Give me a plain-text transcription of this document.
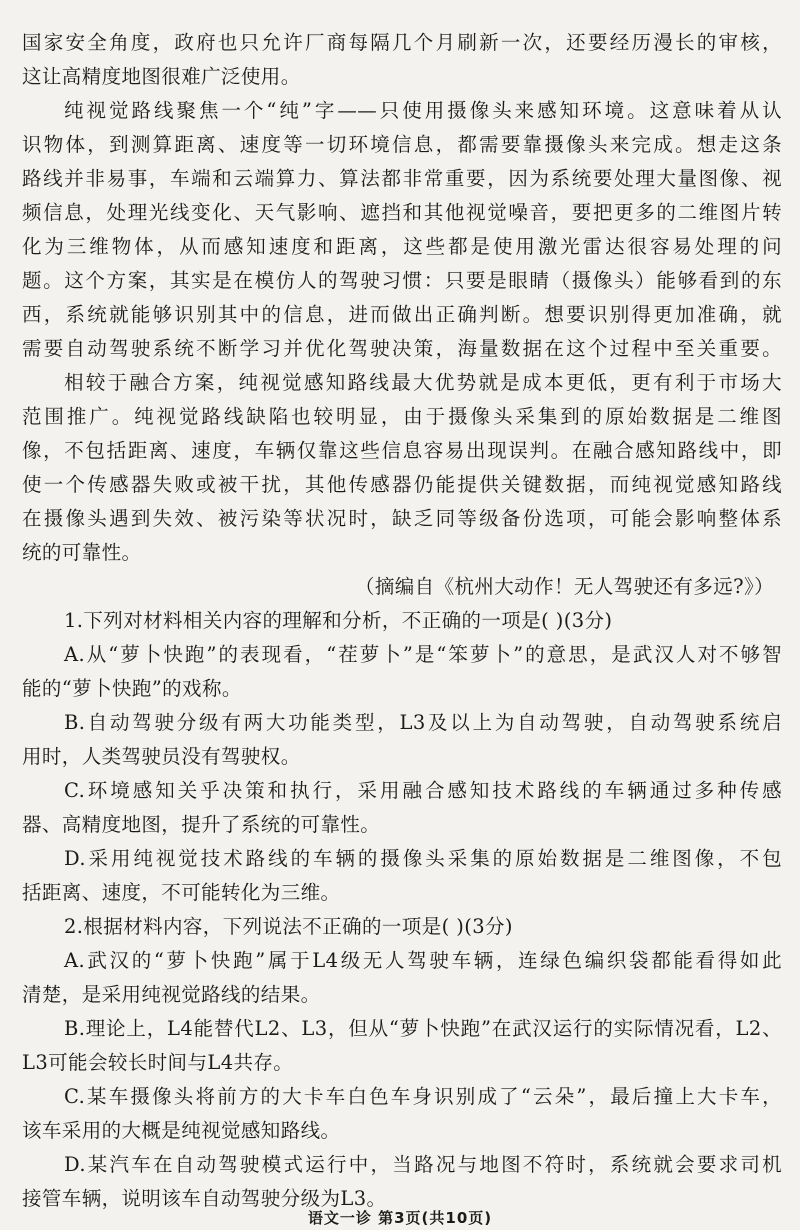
国家安全角度，政府也只允许厂商每隔几个月刷新一次，还要经历漫长的审核，
这让高精度地图很难广泛使用。
纯视觉路线聚焦一个“纯”字——只使用摄像头来感知环境。这意味着从认
识物体，到测算距离、速度等一切环境信息，都需要靠摄像头来完成。想走这条
路线并非易事，车端和云端算力、算法都非常重要，因为系统要处理大量图像、视
频信息，处理光线变化、天气影响、遮挡和其他视觉噪音，要把更多的二维图片转
化为三维物体，从而感知速度和距离，这些都是使用激光雷达很容易处理的问
题。这个方案，其实是在模仿人的驾驶习惯：只要是眼睛（摄像头）能够看到的东
西，系统就能够识别其中的信息，进而做出正确判断。想要识别得更加准确，就
需要自动驾驶系统不断学习并优化驾驶决策，海量数据在这个过程中至关重要。
相较于融合方案，纯视觉感知路线最大优势就是成本更低，更有利于市场大
范围推广。纯视觉路线缺陷也较明显，由于摄像头采集到的原始数据是二维图
像，不包括距离、速度，车辆仅靠这些信息容易出现误判。在融合感知路线中，即
使一个传感器失败或被干扰，其他传感器仍能提供关键数据，而纯视觉感知路线
在摄像头遇到失效、被污染等状况时，缺乏同等级备份选项，可能会影响整体系
统的可靠性。
（摘编自《杭州大动作！无人驾驶还有多远?》）
1.下列对材料相关内容的理解和分析，不正确的一项是( )(3分)
A.从“萝卜快跑”的表现看，“茬萝卜”是“笨萝卜”的意思，是武汉人对不够智
能的“萝卜快跑”的戏称。
B.自动驾驶分级有两大功能类型，L3及以上为自动驾驶，自动驾驶系统启
用时，人类驾驶员没有驾驶权。
C.环境感知关乎决策和执行，采用融合感知技术路线的车辆通过多种传感
器、高精度地图，提升了系统的可靠性。
D.采用纯视觉技术路线的车辆的摄像头采集的原始数据是二维图像，不包
括距离、速度，不可能转化为三维。
2.根据材料内容，下列说法不正确的一项是( )(3分)
A.武汉的“萝卜快跑”属于L4级无人驾驶车辆，连绿色编织袋都能看得如此
清楚，是采用纯视觉路线的结果。
B.理论上，L4能替代L2、L3，但从“萝卜快跑”在武汉运行的实际情况看，L2、
L3可能会较长时间与L4共存。
C.某车摄像头将前方的大卡车白色车身识别成了“云朵”，最后撞上大卡车，
该车采用的大概是纯视觉感知路线。
D.某汽车在自动驾驶模式运行中，当路况与地图不符时，系统就会要求司机
接管车辆，说明该车自动驾驶分级为L3。
语文一诊 第3页(共10页)
